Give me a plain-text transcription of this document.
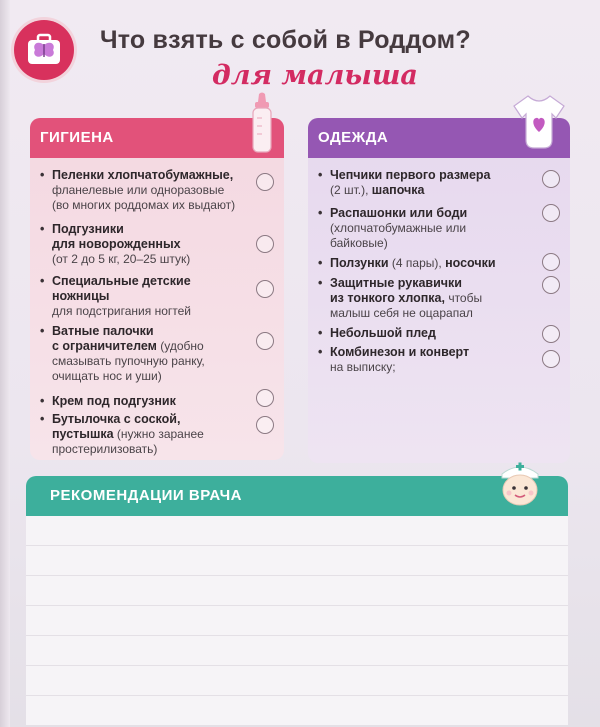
Что взять с собой в Роддом?
для малыша
ГИГИЕНА
• Пеленки хлопчатобумажные,
фланелевые или одноразовые
(во многих роддомах их выдают)
• Подгузники
для новорожденных
(от 2 до 5 кг, 20–25 штук)
• Специальные детские
ножницы
для подстригания ногтей
• Ватные палочки
с ограничителем (удобно
смазывать пупочную ранку,
очищать нос и уши)
• Крем под подгузник
• Бутылочка с соской,
пустышка (нужно заранее
простерилизовать)
ОДЕЖДА
• Чепчики первого размера
(2 шт.), шапочка
• Распашонки или боди
(хлопчатобумажные или
байковые)
• Ползунки (4 пары), носочки
• Защитные рукавички
из тонкого хлопка, чтобы
малыш себя не оцарапал
• Небольшой плед
• Комбинезон и конверт
на выписку;
РЕКОМЕНДАЦИИ ВРАЧА
